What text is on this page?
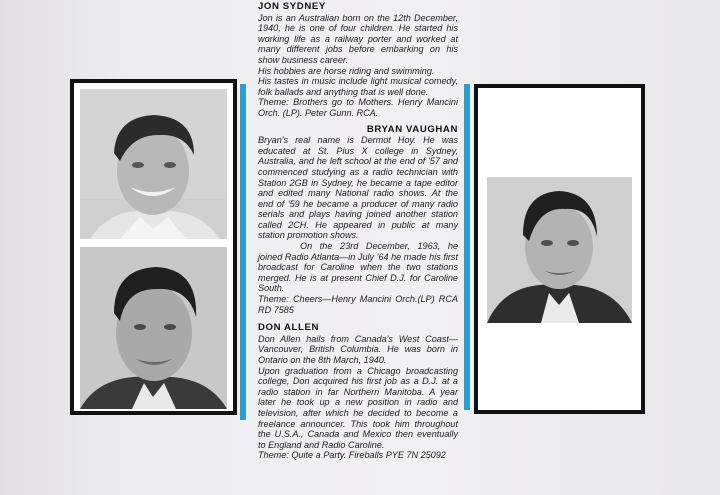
JON SYDNEY

Jon is an Australian born on the 12th December, 1940, he is one of four children. He started his working life as a railway porter and worked at many different jobs before embarking on his show business career.

His hobbies are horse riding and swimming.

His tastes in music include light musical comedy, folk ballads and anything that is well done.

Theme: Brothers go to Mothers. Henry Mancini Orch. (LP). Peter Gunn. RCA.

BRYAN VAUGHAN

Bryan's real name is Dermot Hoy. He was educated at St. Pius X college in Sydney, Australia, and he left school at the end of '57 and commenced studying as a radio technician with Station 2GB in Sydney, he became a tape editor and edited many National radio shows. At the end of '59 he became a producer of many radio serials and plays having joined another station called 2CH. He appeared in public at many station promotion shows.

On the 23rd December, 1963, he joined Radio Atlanta—in July '64 he made his first broadcast for Caroline when the two stations merged. He is at present Chief D.J. for Caroline South.

Theme: Cheers—Henry Mancini Orch.(LP) RCA RD 7585

DON ALLEN

Don Allen hails from Canada's West Coast—Vancouver, British Columbia. He was born in Ontario on the 8th March, 1940.

Upon graduation from a Chicago broadcasting college, Don acquired his first job as a D.J. at a radio station in far Northern Manitoba. A year later he took up a new position in radio and television, after which he decided to become a freelance announcer. This took him throughout the U.S.A., Canada and Mexico then eventually to England and Radio Caroline.

Theme: Quite a Party. Fireballs PYE 7N 25092
